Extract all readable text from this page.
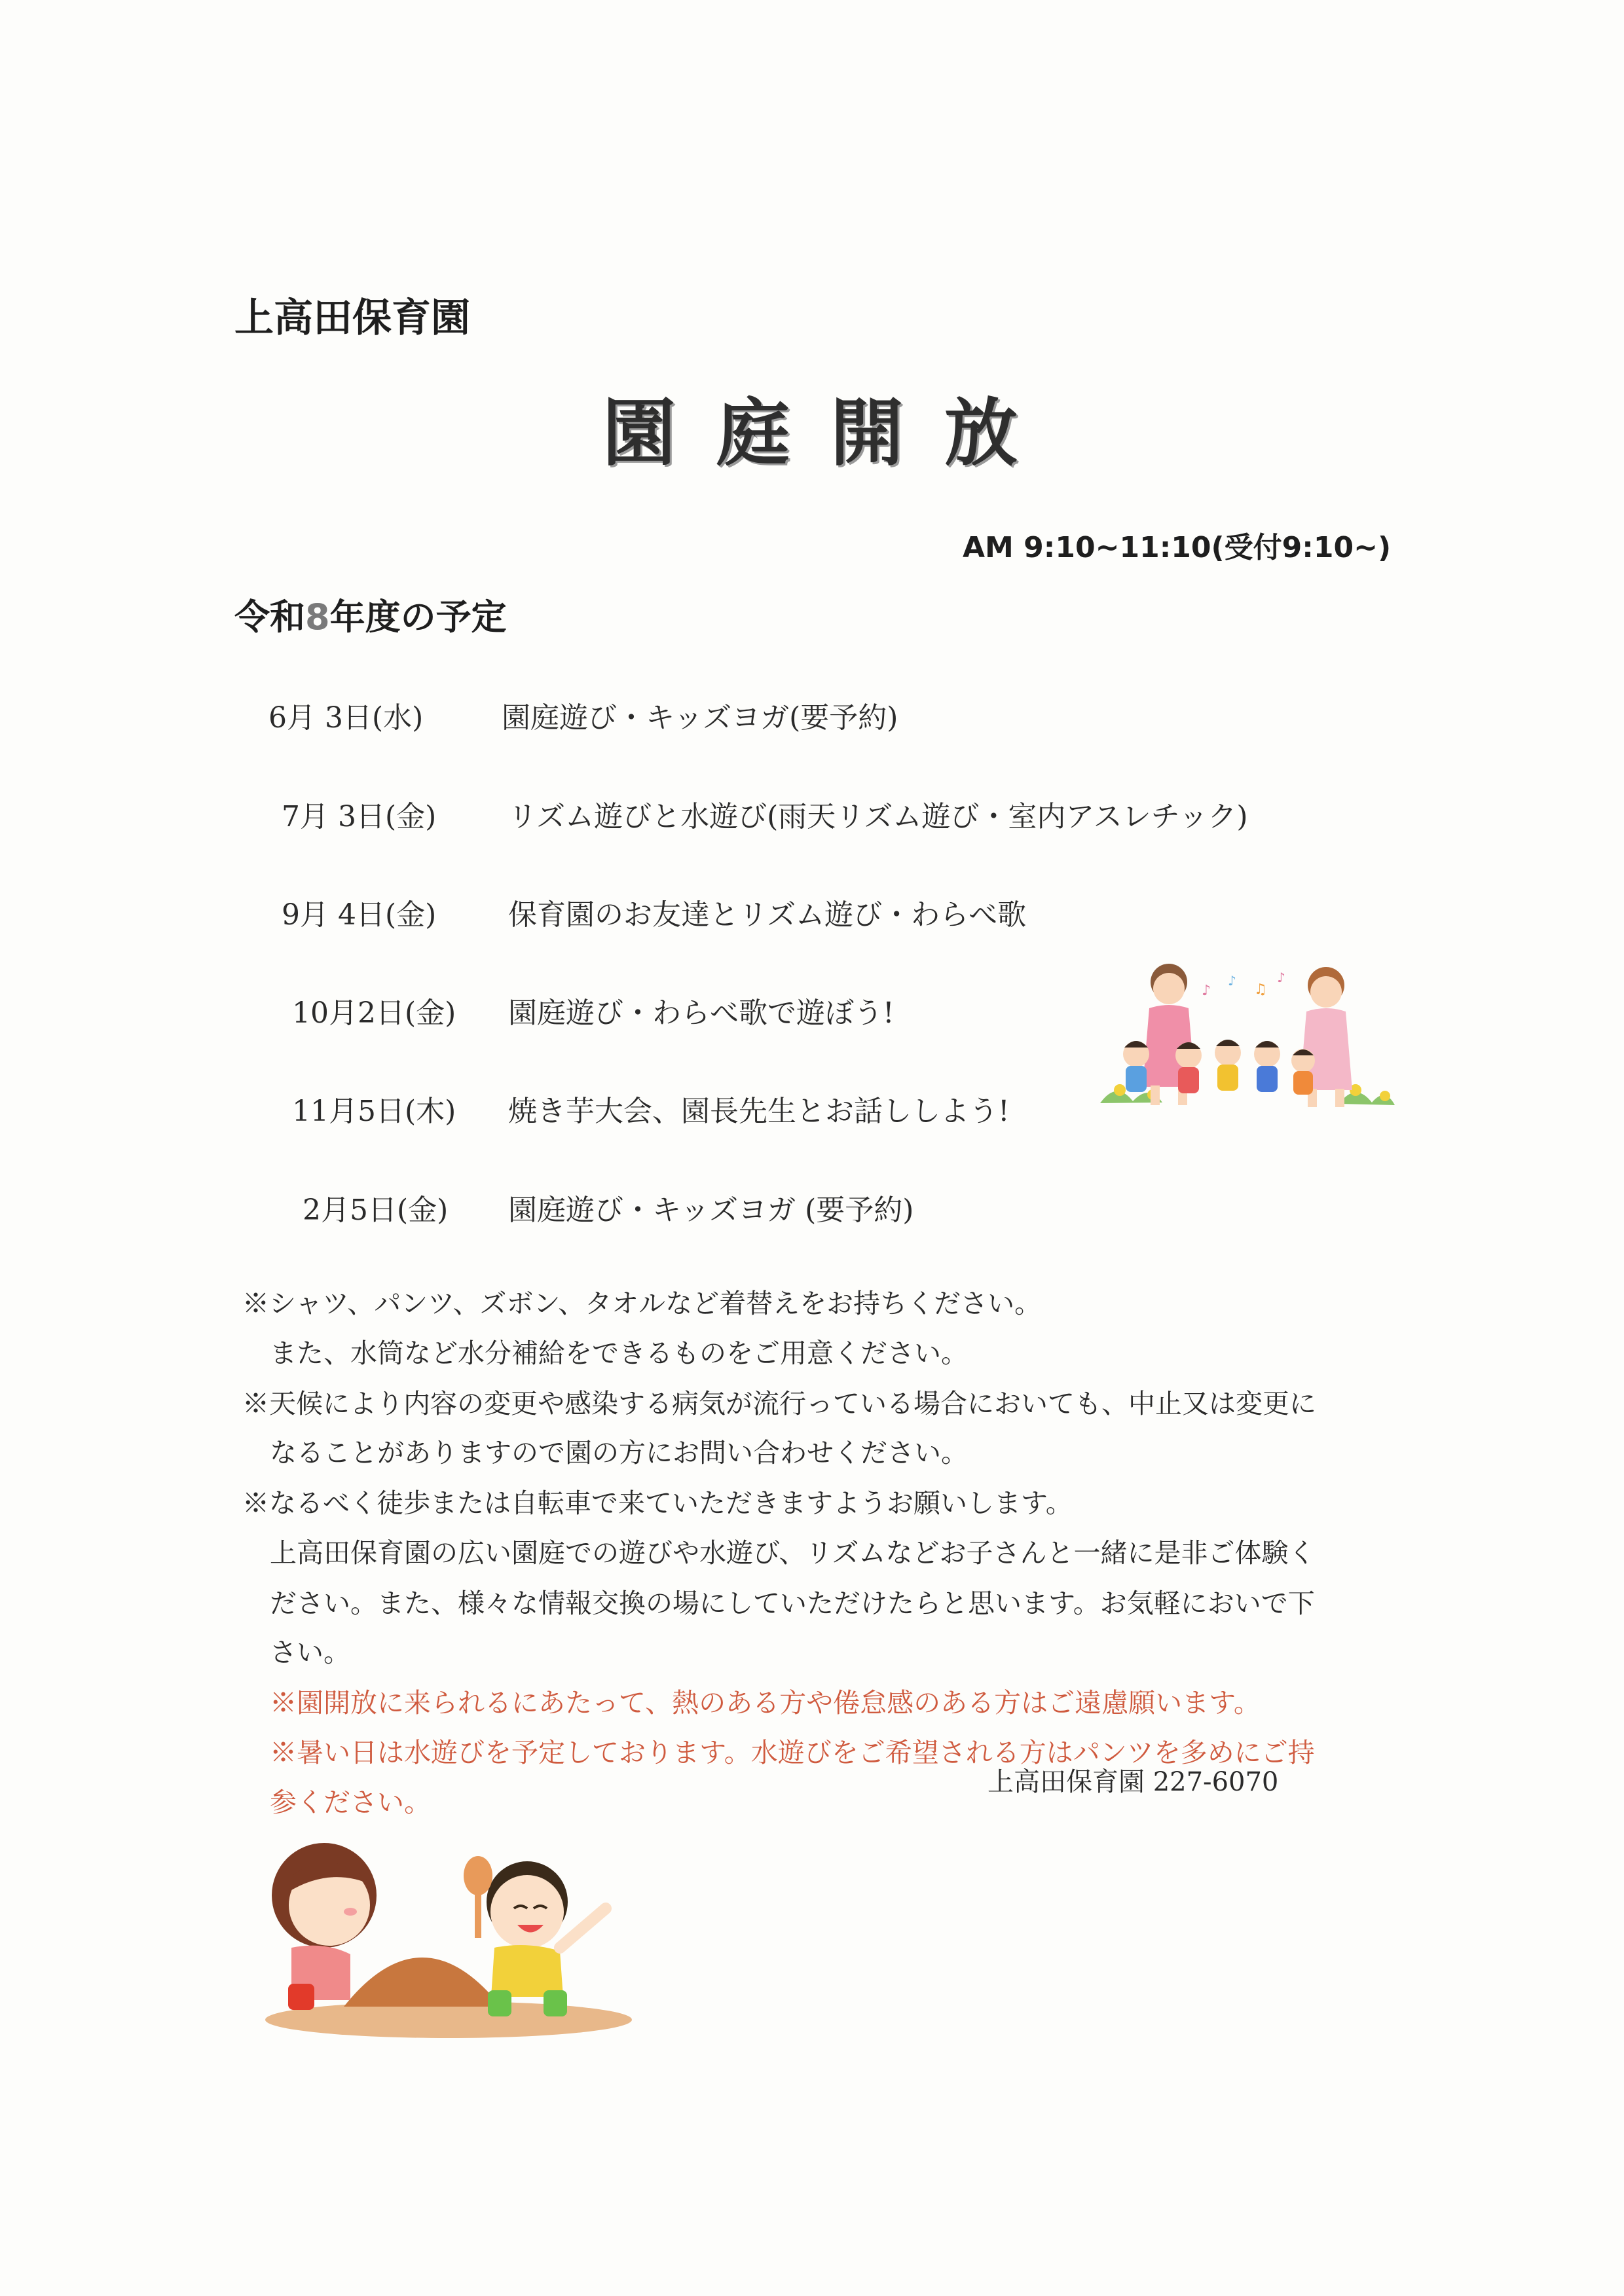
上高田保育園
園庭開放
AM 9:10~11:10(受付9:10~)
令和8年度の予定
6月 3日(水)	園庭遊び・キッズヨガ(要予約)
7月 3日(金) リズム遊びと水遊び(雨天リズム遊び・室内アスレチック)
9月 4日(金) 保育園のお友達とリズム遊び・わらべ歌
10月2日(金) 園庭遊び・わらべ歌で遊ぼう!
11月5日(木) 焼き芋大会、園長先生とお話ししよう!
2月5日(金) 園庭遊び・キッズヨガ (要予約)

※シャツ、パンツ、ズボン、タオルなど着替えをお持ちください。

また、水筒など水分補給をできるものをご用意ください。

※天候により内容の変更や感染する病気が流行っている場合においても、中止又は変更に

なることがありますので園の方にお問い合わせください。

※なるべく徒歩または自転車で来ていただきますようお願いします。

上高田保育園の広い園庭での遊びや水遊び、リズムなどお子さんと一緒に是非ご体験く

ださい。また、様々な情報交換の場にしていただけたらと思います。お気軽においで下

さい。

※園開放に来られるにあたって、熱のある方や倦怠感のある方はご遠慮願います。

※暑い日は水遊びを予定しております。水遊びをご希望される方はパンツを多めにご持

参ください。

上高田保育園 227-6070

♪
♪
♫
♪
